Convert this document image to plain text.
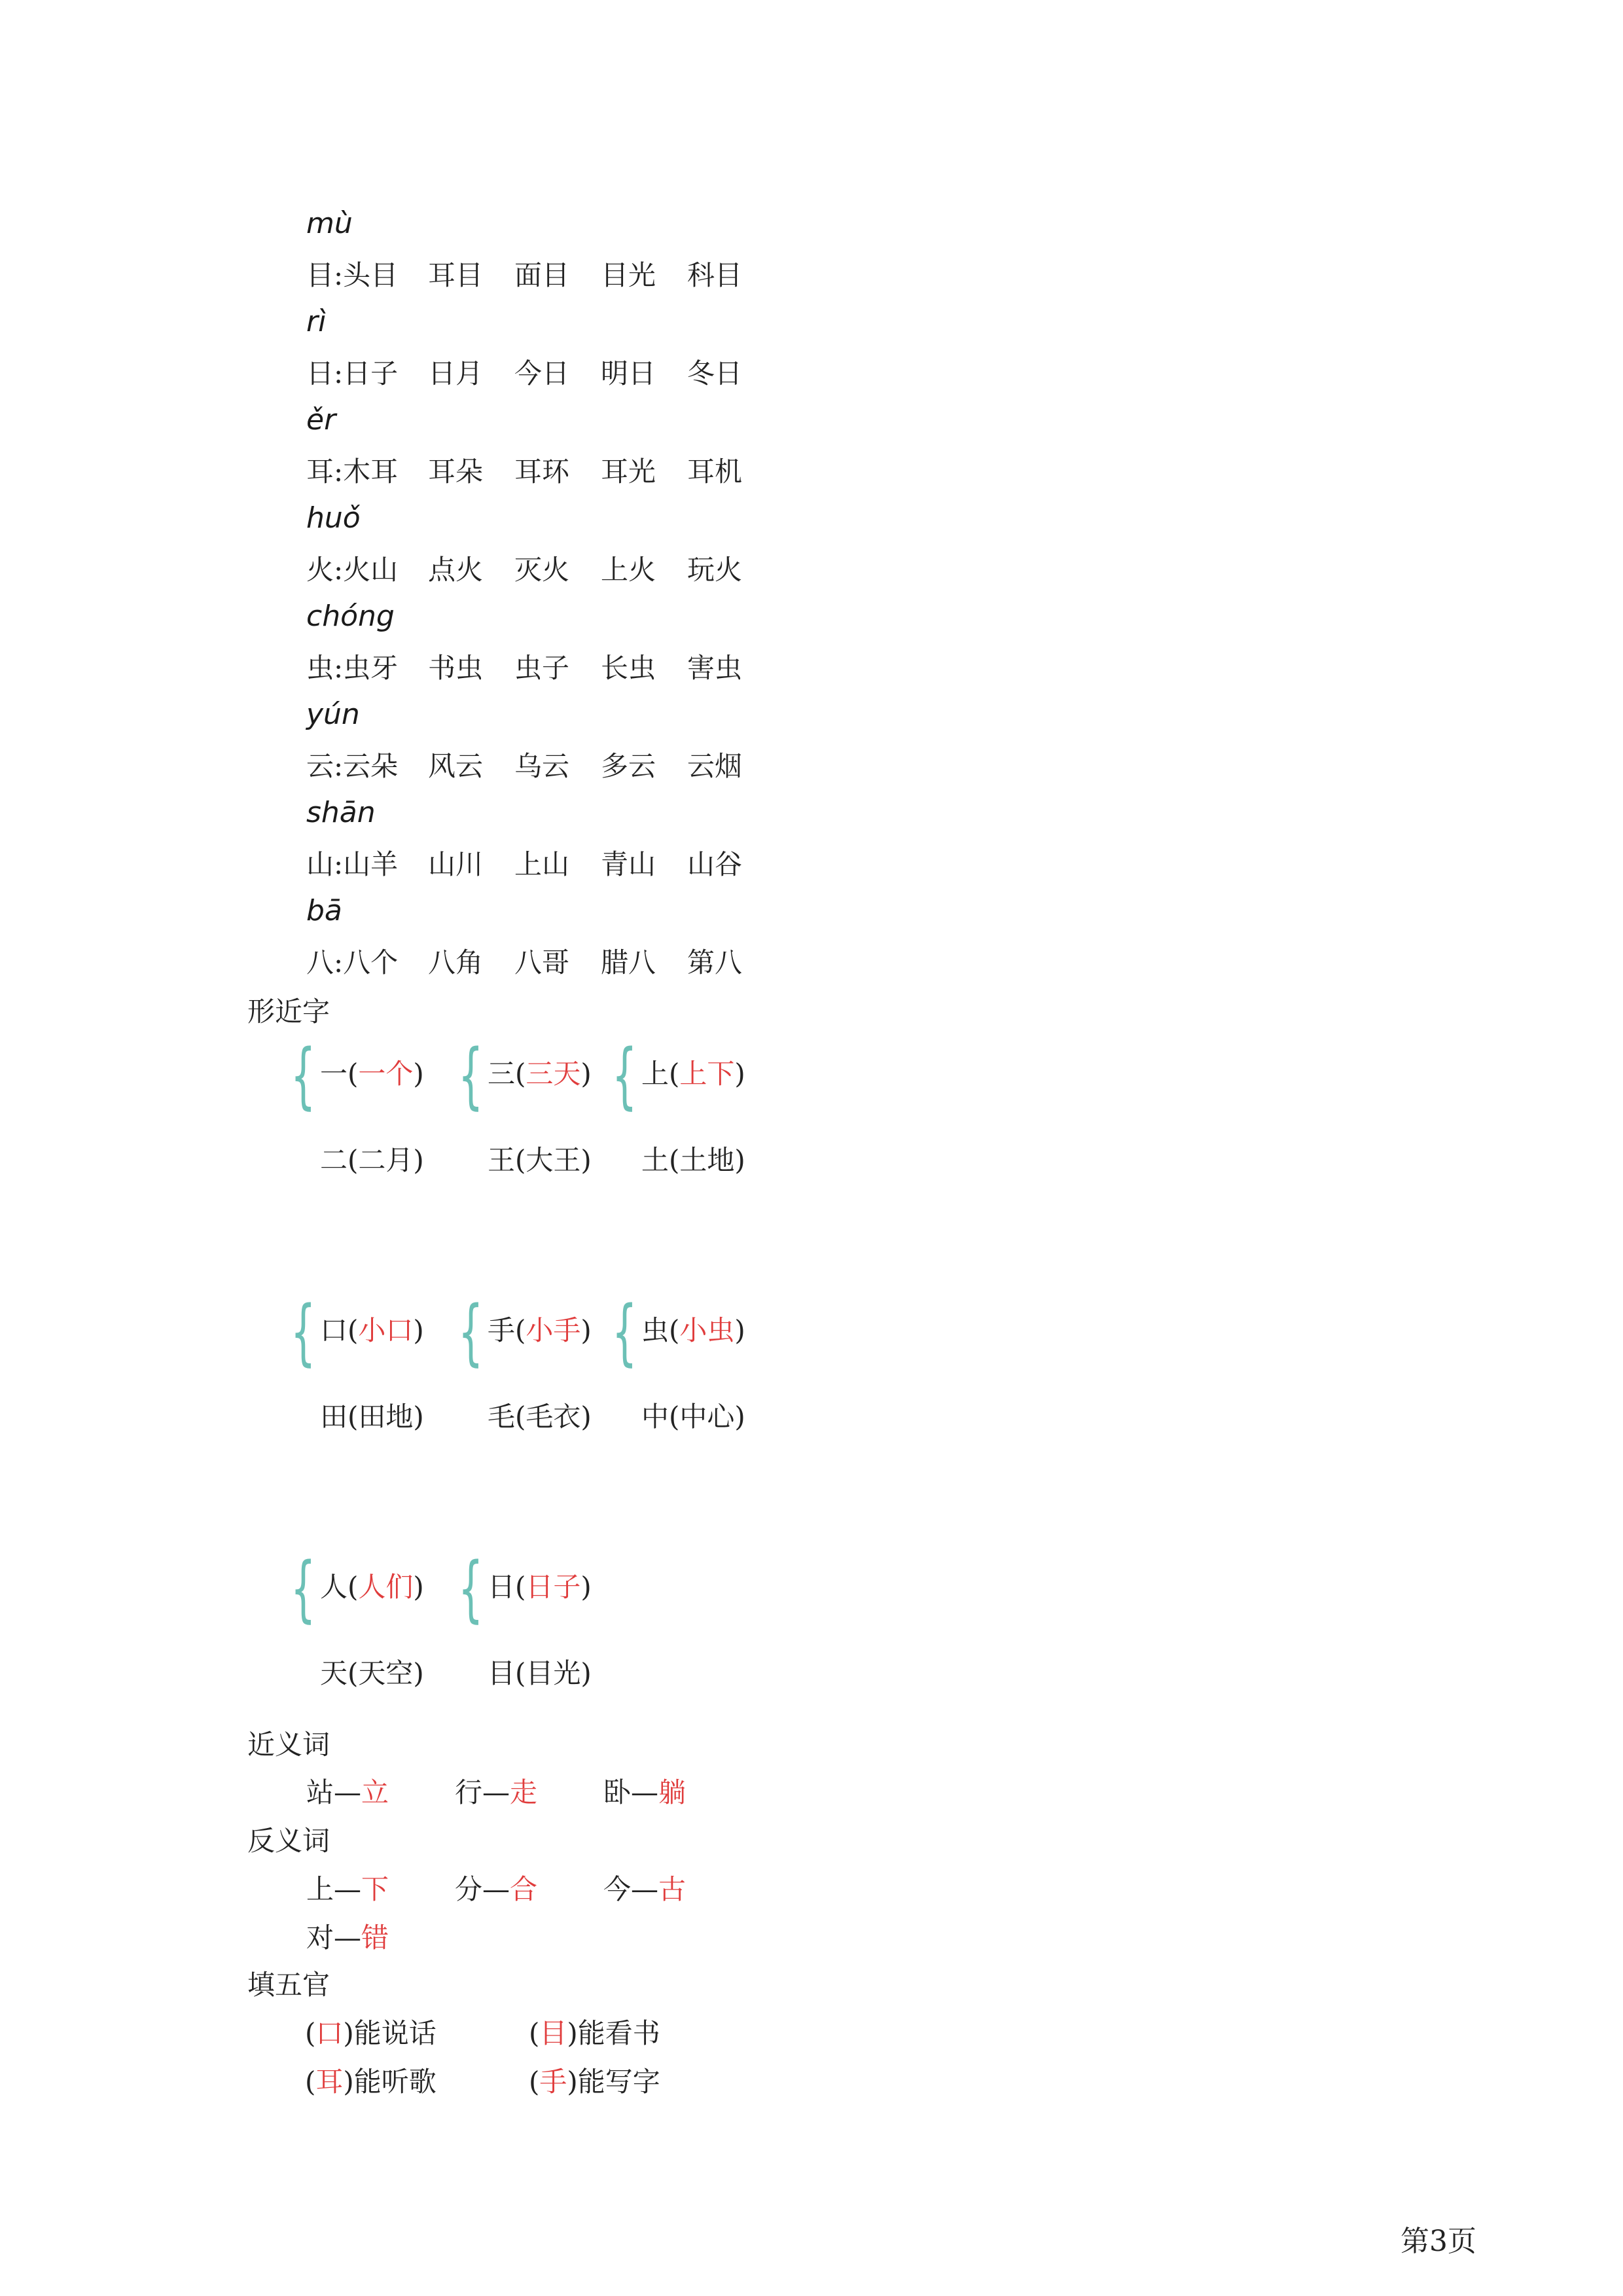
mù
目:头目 耳目 面目 目光 科目
rì
日:日子 日月 今日 明日 冬日
ěr
耳:木耳 耳朵 耳环 耳光 耳机
huǒ
火:火山 点火 灭火 上火 玩火
chóng
虫:虫牙 书虫 虫子 长虫 害虫
yún
云:云朵 风云 乌云 多云 云烟
shān
山:山羊 山川 上山 青山 山谷
bā
八:八个 八角 八哥 腊八 第八
形近字
{ 一(一个)
二(二月)
{ 三(三天)
王(大王)
{ 上(上下)
土(土地)
{ 口(小口)
田(田地)
{ 手(小手)
毛(毛衣)
{ 虫(小虫)
中(中心)
{ 人(人们)
天(天空)
{ 日(日子)
目(目光)
近义词
站—立 行—走 卧—躺
反义词
上—下 分—合 今—古
对—错
填五官
(口)能说话	(目)能看书
(耳)能听歌	(手)能写字
第3页
